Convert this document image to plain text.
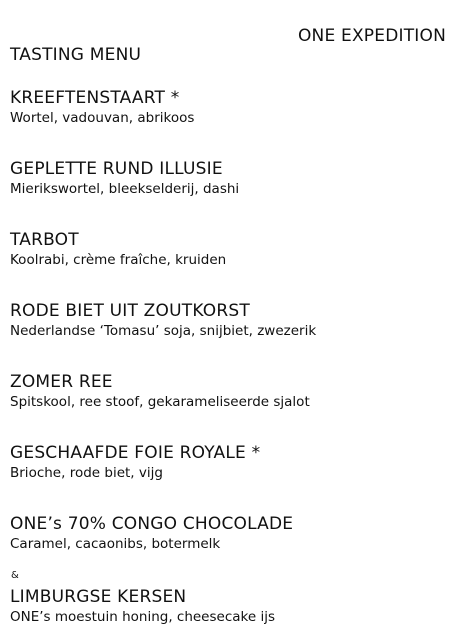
ONE EXPEDITION
TASTING MENU
KREEFTENSTAART *
Wortel, vadouvan, abrikoos
GEPLETTE RUND ILLUSIE
Mierikswortel, bleekselderij, dashi
TARBOT
Koolrabi, crème fraîche, kruiden
RODE BIET UIT ZOUTKORST
Nederlandse ‘Tomasu’ soja, snijbiet, zwezerik
ZOMER REE
Spitskool, ree stoof, gekarameliseerde sjalot
GESCHAAFDE FOIE ROYALE *
Brioche, rode biet, vijg
ONE’s 70% CONGO CHOCOLADE
Caramel, cacaonibs, botermelk
&
LIMBURGSE KERSEN
ONE’s moestuin honing, cheesecake ijs
